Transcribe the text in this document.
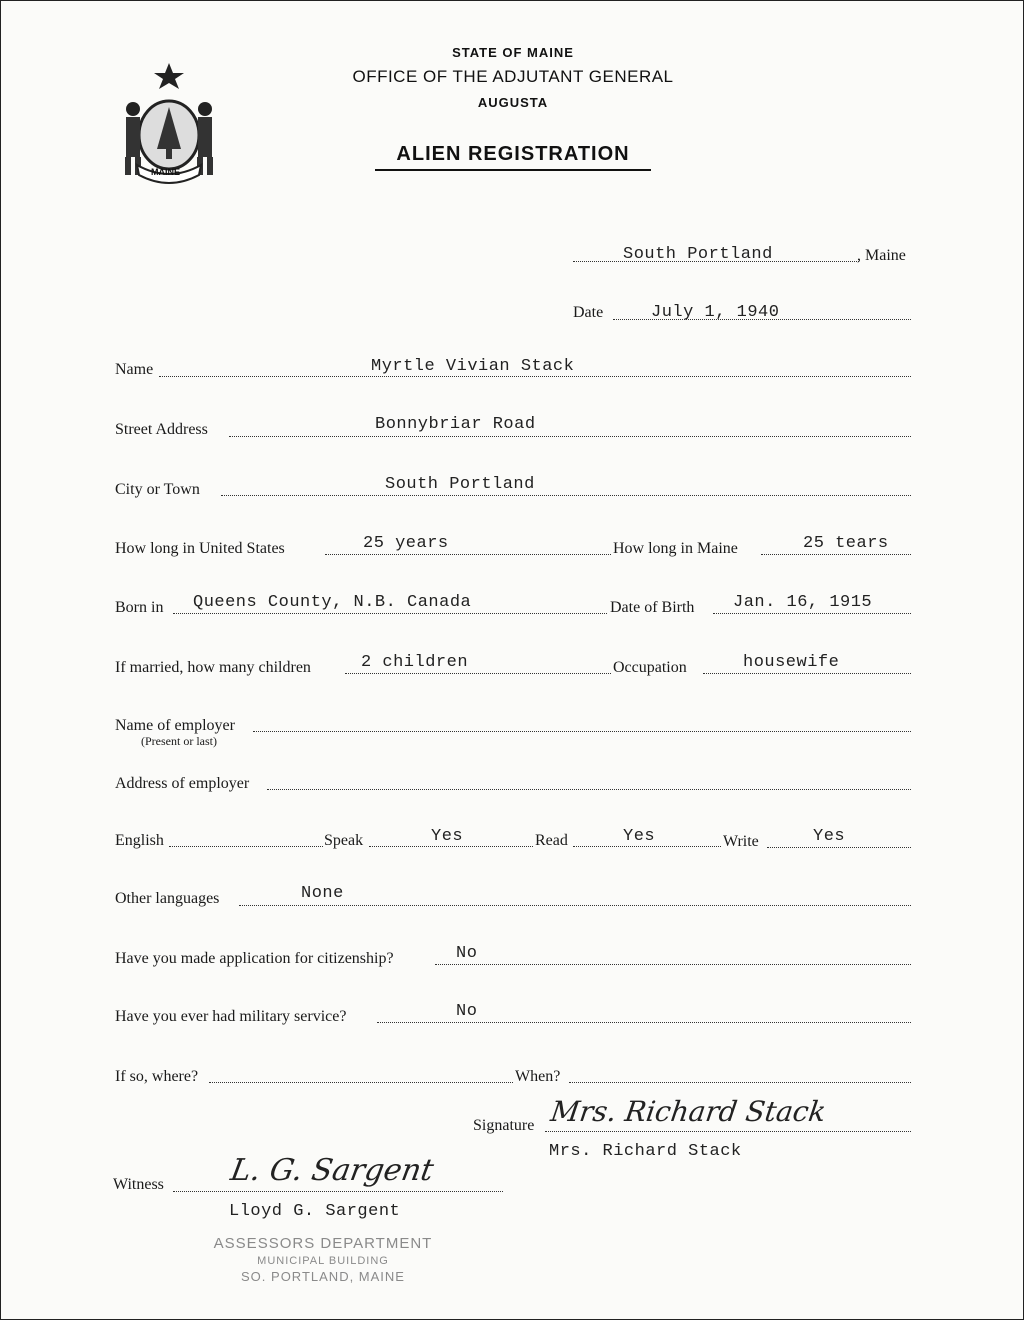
MAINE
STATE OF MAINE
OFFICE OF THE ADJUTANT GENERAL
AUGUSTA
ALIEN REGISTRATION
South Portland	, Maine
Date	July 1, 1940
Name	Myrtle Vivian Stack
Street Address	Bonnybriar Road
City or Town	South Portland
How long in United States	25 years	How long in Maine	25 tears
Born in Queens County, N.B. Canada	Date of Birth Jan. 16, 1915
If married, how many children	2 children	Occupation	housewife
Name of employer
(Present or last)
Address of employer
English	Speak	Yes	Read	Yes	Write	Yes
Other languages	None
Have you made application for citizenship?	No
Have you ever had military service?	No
If so, where?	When?
Signature Mrs. Richard Stack
Mrs. Richard Stack
Witness L. G. Sargent
Lloyd G. Sargent
ASSESSORS DEPARTMENT
MUNICIPAL BUILDING
SO. PORTLAND, MAINE
